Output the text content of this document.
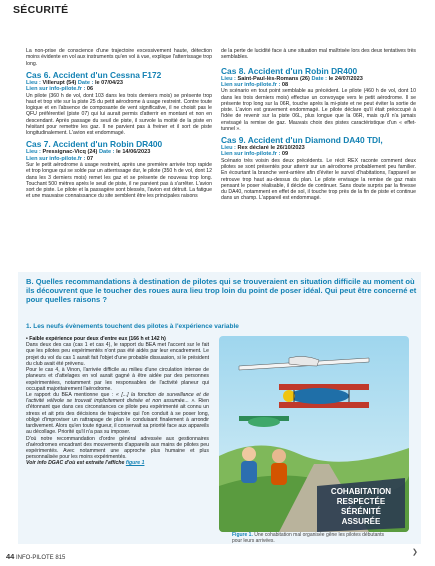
SÉCURITÉ

La non-prise de conscience d'une trajectoire excessivement haute, détection moins évidente en vol aux instruments qu'en vol à vue, explique l'atterrissage trop long.

Cas 6. Accident d'un Cessna F172
Lieu : Villerupt (54) Date : le 07/04/23
Lien sur info-pilote.fr : 06

Un pilote (360 h de vol, dont 103 dans les trois derniers mois) se présente trop haut et trop vite sur la piste 25 du petit aérodrome à usage restreint. Contre toute logique et en l'absence de composante de vent significative, il ne choisit pas le QFU préférentiel (piste 07) qui lui aurait permis d'atterrir en montant et non en descendant. Après passage du seuil de piste, il survole la moitié de la piste en hésitant pour remettre les gaz. Il ne parvient pas à freiner et il sort de piste longitudinalement. L'avion est endommagé.

Cas 7. Accident d'un Robin DR400
Lieu : Pressignac-Vicq (24) Date : le 14/06/2023
Lien sur info-pilote.fr : 07

Sur le petit aérodrome à usage restreint, après une première arrivée trop rapide et trop longue qui se solde par un atterrissage dur, le pilote (350 h de vol, dont 12 dans les 3 derniers mois) remet les gaz et se présente de nouveau trop long. Touchant 500 mètres après le seuil de piste, il ne parvient pas à s'arrêter. L'avion sort de piste. Le pilote et la passagère sont blessés, l'avion est détruit. La fatigue et une mauvaise connaissance du site semblent être les principales raisons

de la perte de lucidité face à une situation mal maîtrisée lors des deux tentatives très semblables.

Cas 8. Accident d'un Robin DR400
Lieu : Saint-Paul-lès-Romans (26) Date : le 24/07/2023
Lien sur info-pilote.fr : 08

Un scénario en tout point semblable au précédent. Le pilote (460 h de vol, dont 10 dans les trois derniers mois) effectue un convoyage vers le petit aérodrome. Il se présente trop long sur la 06R, touche après la mi-piste et ne peut éviter la sortie de piste. L'avion est gravement endommagé. Le pilote déclare qu'il était préoccupé à l'idée de revenir sur la piste 06L, plus longue que la 06R, mais qu'il n'a jamais envisagé la remise de gaz. Mauvais choix des pistes caractéristique d'un « effet-tunnel ».

Cas 9. Accident d'un Diamond DA40 TDI,
Lieu : Rex déclaré le 26/10/2023
Lien sur info-pilote.fr : 09

Scénario très voisin des deux précédents. Le récit REX raconte comment deux pilotes se sont présentés pour atterrir sur un aérodrome probablement peu familier. En écourtant la branche vent-arrière afin d'éviter le survol d'habitations, l'appareil se retrouve trop haut au-dessus du plan. Le pilote envisage la remise de gaz mais pensant le poser réalisable, il décide de continuer. Sans doute surpris par la finesse du DA40, notamment en effet de sol, il touche trop près de la fin de piste et continue dans un champ. L'appareil est endommagé.

B. Quelles recommandations à destination de pilotes qui se trouveraient en situation difficile au moment où ils découvrent que le toucher des roues aura lieu trop loin du point de poser idéal. Qui peut être concerné et pour quelles raisons ?
1. Les neufs évènements touchent des pilotes à l'expérience variable
• Faible expérience pour deux d'entre eux (166 h et 142 h)

Dans deux des cas (cas 1 et cas 4), le rapport du BEA met l'accent sur le fait que les pilotes peu expérimentés n'ont pas été aidés par leur encadrement. Le projet du vol du cas 1 aurait fait l'objet d'une probable dissuasion, si le président du club avait été prévenu.

Pour le cas 4, à Vinon, l'arrivée difficile au milieu d'une circulation intense de planeurs et d'attelages en vol aurait gagné à être aidée par des personnes expérimentées, notamment par les responsables de l'activité planeur qui occupait majoritairement l'aérodrome.

Le rapport du BEA mentionne que : « [...] la fonction de surveillance et de l'activité vélivole se trouvait implicitement divisée et non assumée... ». Rien d'étonnant que dans ces circonstances ce pilote peu expérimenté ait connu un stress et ait pris des décisions de trajectoire qui l'on conduit à se poser long, obligé d'improviser un rattrapage de plan le conduisant finalement à arrondir tardivement. Alors qu'en toute rigueur, il conservait sa priorité face aux appareils au décollage. Priorité qu'il n'a pas su imposer.

D'où notre recommandation d'ordre général adressée aux gestionnaires d'aérodromes encadrant des mouvements d'appareils aux mains de pilotes peu expérimentés. Avec notamment une approche plus humaine et plus personnalisée pour les moins expérimentés.

Voir info DGAC d'où est extraite l'affiche figure 1

COHABITATION
RESPECTÉE
SÉRÉNITÉ
ASSURÉE
Figure 1. Une cohabitation mal organisée gêne les pilotes débutants pour leurs arrivées.
44 INFO-PILOTE 815
❯
